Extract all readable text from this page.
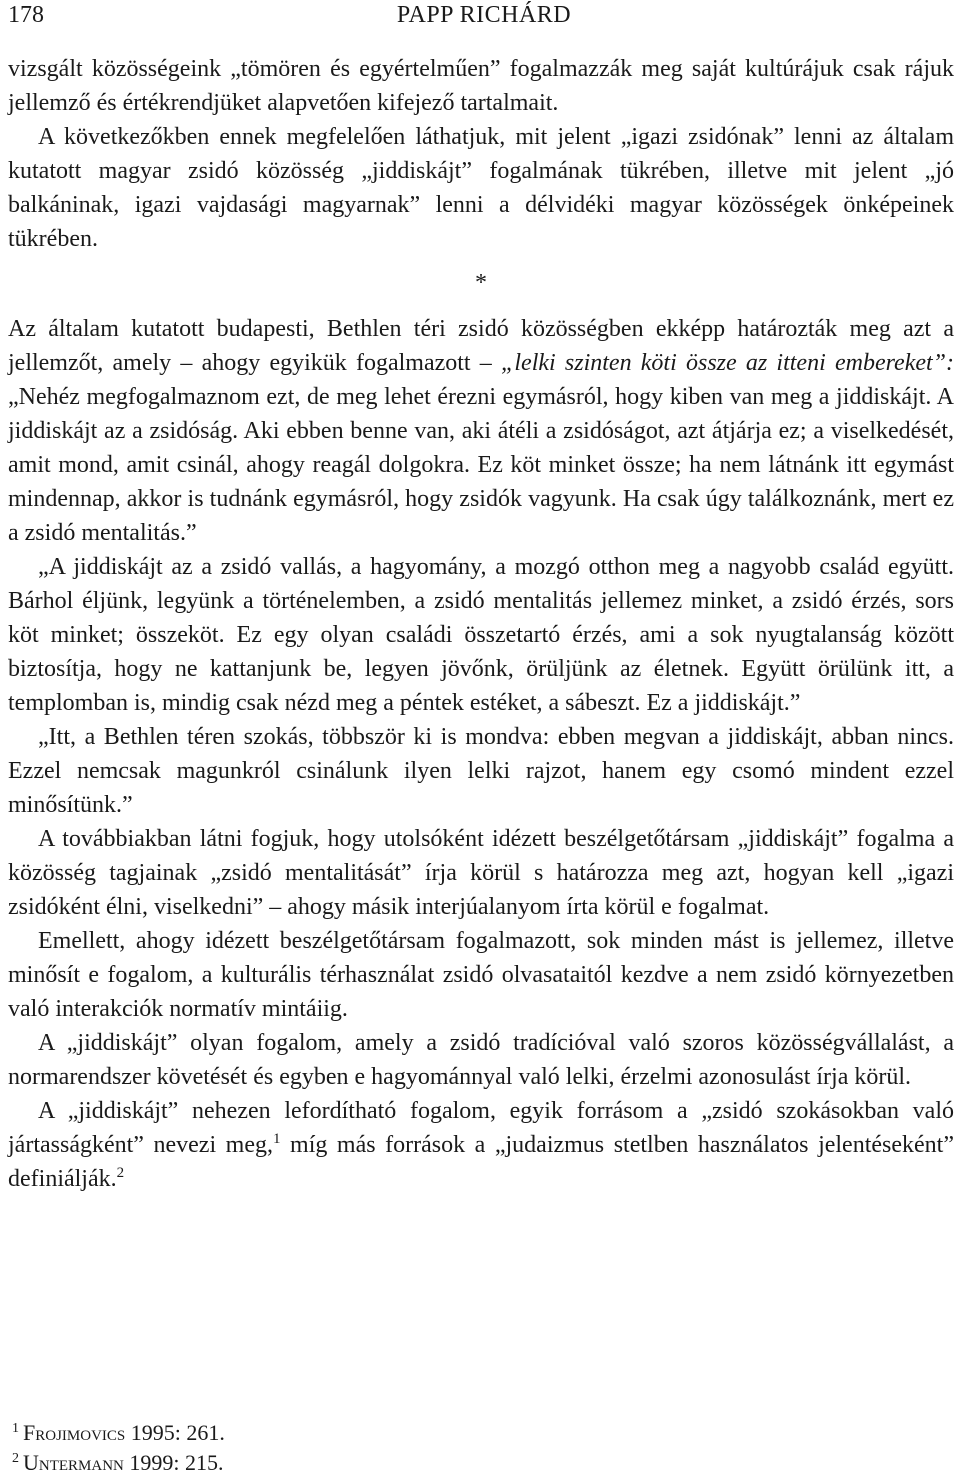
178	PAPP RICHÁRD

vizsgált közösségeink „tömören és egyértelműen” fogalmazzák meg saját kultúrájuk csak rájuk jellemző és értékrendjüket alapvetően kifejező tartalmait.

A következőkben ennek megfelelően láthatjuk, mit jelent „igazi zsidónak” lenni az általam kutatott magyar zsidó közösség „jiddiskájt” fogalmának tükrében, illetve mit jelent „jó balkáninak, igazi vajdasági magyarnak” lenni a délvidéki magyar közösségek önképeinek tükrében.

*

Az általam kutatott budapesti, Bethlen téri zsidó közösségben ekképp határozták meg azt a jellemzőt, amely – ahogy egyikük fogalmazott – „lelki szinten köti össze az itteni embereket”: „Nehéz megfogalmaznom ezt, de meg lehet érezni egymásról, hogy kiben van meg a jiddiskájt. A jiddiskájt az a zsidóság. Aki ebben benne van, aki átéli a zsidóságot, azt átjárja ez; a viselkedését, amit mond, amit csinál, ahogy reagál dolgokra. Ez köt minket össze; ha nem látnánk itt egymást mindennap, akkor is tudnánk egymásról, hogy zsidók vagyunk. Ha csak úgy találkoznánk, mert ez a zsidó mentalitás.”

„A jiddiskájt az a zsidó vallás, a hagyomány, a mozgó otthon meg a nagyobb család együtt. Bárhol éljünk, legyünk a történelemben, a zsidó mentalitás jellemez minket, a zsidó érzés, sors köt minket; összeköt. Ez egy olyan családi összetartó érzés, ami a sok nyugtalanság között biztosítja, hogy ne kattanjunk be, legyen jövőnk, örüljünk az életnek. Együtt örülünk itt, a templomban is, mindig csak nézd meg a péntek estéket, a sábeszt. Ez a jiddiskájt.”

„Itt, a Bethlen téren szokás, többször ki is mondva: ebben megvan a jiddiskájt, abban nincs. Ezzel nemcsak magunkról csinálunk ilyen lelki rajzot, hanem egy csomó mindent ezzel minősítünk.”

A továbbiakban látni fogjuk, hogy utolsóként idézett beszélgetőtársam „jiddiskájt” fogalma a közösség tagjainak „zsidó mentalitását” írja körül s határozza meg azt, hogyan kell „igazi zsidóként élni, viselkedni” – ahogy másik interjúalanyom írta körül e fogalmat.

Emellett, ahogy idézett beszélgetőtársam fogalmazott, sok minden mást is jellemez, illetve minősít e fogalom, a kulturális térhasználat zsidó olvasataitól kezdve a nem zsidó környezetben való interakciók normatív mintáiig.

A „jiddiskájt” olyan fogalom, amely a zsidó tradícióval való szoros közösségvállalást, a normarendszer követését és egyben e hagyománnyal való lelki, érzelmi azonosulást írja körül.

A „jiddiskájt” nehezen lefordítható fogalom, egyik forrásom a „zsidó szokásokban való jártasságként” nevezi meg,$^1$ míg más források a „judaizmus stetlben használatos jelentéseként” definiálják.$^2$

$^1$ Frojimovics 1995: 261.

$^2$ Untermann 1999: 215.
